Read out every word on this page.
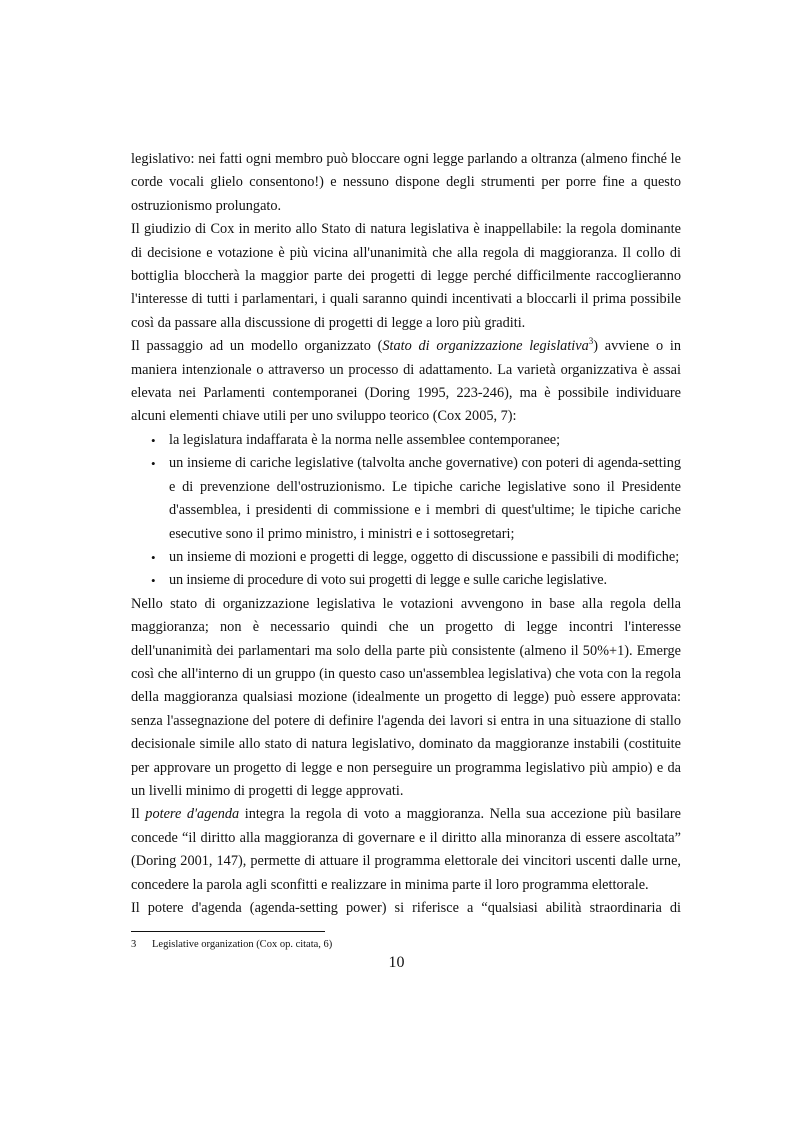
legislativo: nei fatti ogni membro può bloccare ogni legge parlando a oltranza (almeno finché le corde vocali glielo consentono!) e nessuno dispone degli strumenti per porre fine a questo ostruzionismo prolungato.

Il giudizio di Cox in merito allo Stato di natura legislativa è inappellabile: la regola dominante di decisione e votazione è più vicina all'unanimità che alla regola di maggioranza. Il collo di bottiglia bloccherà la maggior parte dei progetti di legge perché difficilmente raccoglieranno l'interesse di tutti i parlamentari, i quali saranno quindi incentivati a bloccarli il prima possibile così da passare alla discussione di progetti di legge a loro più graditi.

Il passaggio ad un modello organizzato (Stato di organizzazione legislativa$^3$) avviene o in maniera intenzionale o attraverso un processo di adattamento. La varietà organizzativa è assai elevata nei Parlamenti contemporanei (Doring 1995, 223-246), ma è possibile individuare alcuni elementi chiave utili per uno sviluppo teorico (Cox 2005, 7):

• la legislatura indaffarata è la norma nelle assemblee contemporanee;
• un insieme di cariche legislative (talvolta anche governative) con poteri di agenda-setting e di prevenzione dell'ostruzionismo. Le tipiche cariche legislative sono il Presidente d'assemblea, i presidenti di commissione e i membri di quest'ultime; le tipiche cariche esecutive sono il primo ministro, i ministri e i sottosegretari;
• un insieme di mozioni e progetti di legge, oggetto di discussione e passibili di modifiche;
• un insieme di procedure di voto sui progetti di legge e sulle cariche legislative.

Nello stato di organizzazione legislativa le votazioni avvengono in base alla regola della maggioranza; non è necessario quindi che un progetto di legge incontri l'interesse dell'unanimità dei parlamentari ma solo della parte più consistente (almeno il 50%+1). Emerge così che all'interno di un gruppo (in questo caso un'assemblea legislativa) che vota con la regola della maggioranza qualsiasi mozione (idealmente un progetto di legge) può essere approvata: senza l'assegnazione del potere di definire l'agenda dei lavori si entra in una situazione di stallo decisionale simile allo stato di natura legislativo, dominato da maggioranze instabili (costituite per approvare un progetto di legge e non perseguire un programma legislativo più ampio) e da un livelli minimo di progetti di legge approvati.

Il potere d'agenda integra la regola di voto a maggioranza. Nella sua accezione più basilare concede “il diritto alla maggioranza di governare e il diritto alla minoranza di essere ascoltata” (Doring 2001, 147), permette di attuare il programma elettorale dei vincitori uscenti dalle urne, concedere la parola agli sconfitti e realizzare in minima parte il loro programma elettorale.

Il potere d'agenda (agenda-setting power) si riferisce a “qualsiasi abilità straordinaria di

3 Legislative organization (Cox op. citata, 6)
10
